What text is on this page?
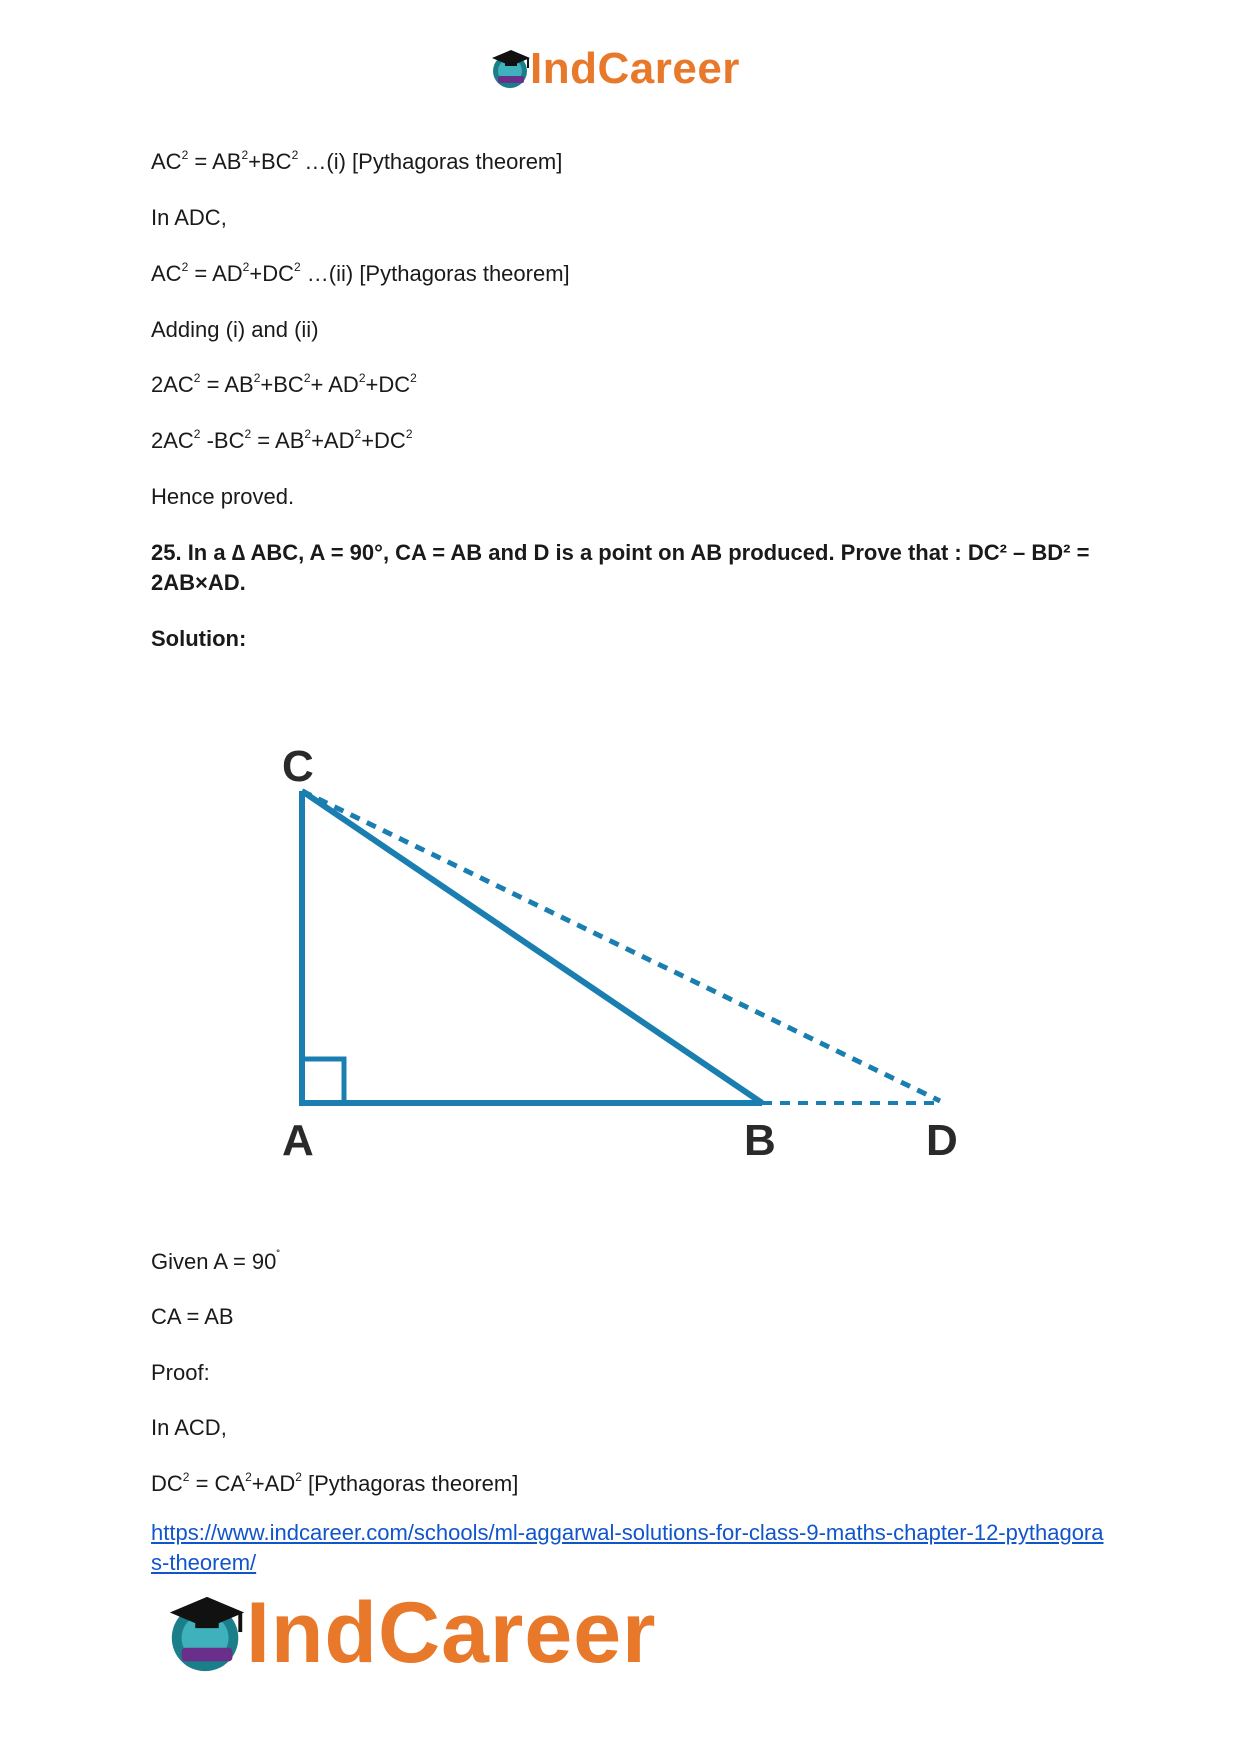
IndCareer
$AC^2 = AB^2+BC^2$ …(i) [Pythagoras theorem]
In ADC,
$AC^2 = AD^2+DC^2$ …(ii) [Pythagoras theorem]
Adding (i) and (ii)
$2AC^2 = AB^2+BC^2+ AD^2+DC^2$
$2AC^2$ $-BC^2 = AB^2+AD^2+DC^2$
Hence proved.
25. In a ∆ ABC, A = 90°, CA = AB and D is a point on AB produced. Prove that : DC² – BD² = 2AB×AD.
Solution:
C
A	B	D
Given A = 90˚
CA = AB
Proof:
In ACD,
$DC^2 = CA^2+AD^2$ [Pythagoras theorem]
https://www.indcareer.com/schools/ml-aggarwal-solutions-for-class-9-maths-chapter-12-pythagoras-theorem/
IndCareer
